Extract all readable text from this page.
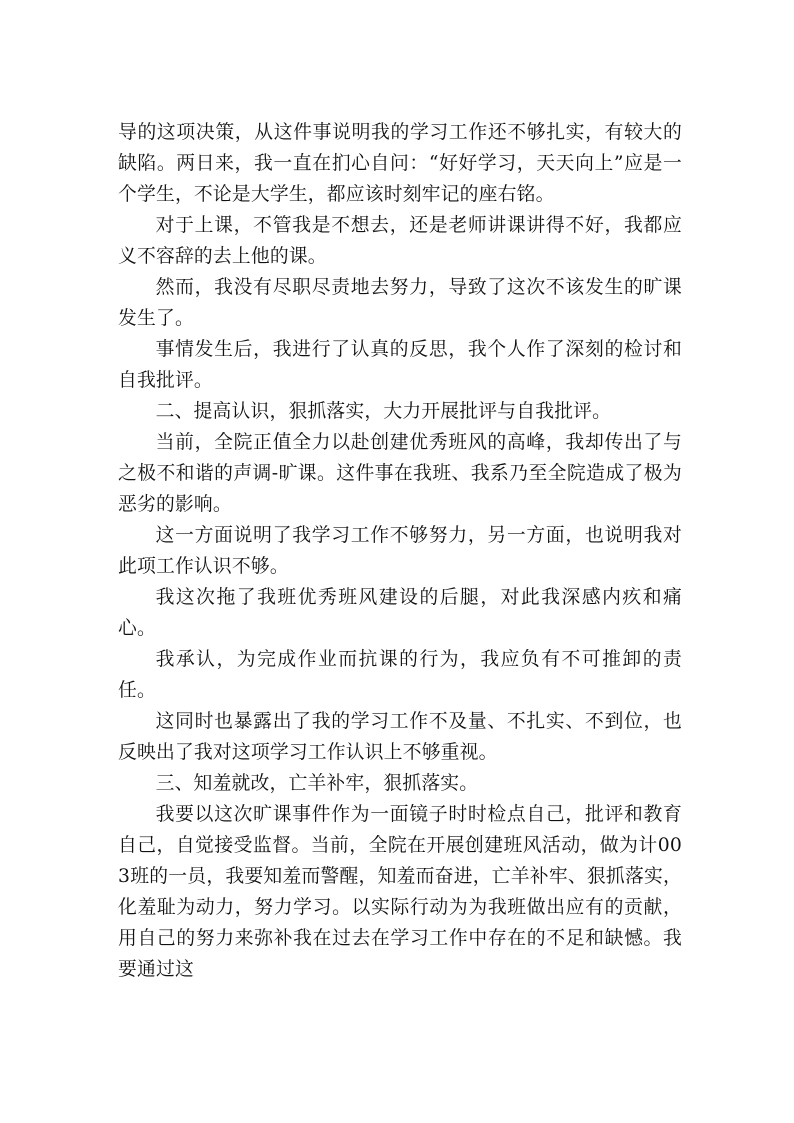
导的这项决策，从这件事说明我的学习工作还不够扎实，有较大的缺陷。两日来，我一直在扪心自问：“好好学习，天天向上”应是一个学生，不论是大学生，都应该时刻牢记的座右铭。

对于上课，不管我是不想去，还是老师讲课讲得不好，我都应义不容辞的去上他的课。

然而，我没有尽职尽责地去努力，导致了这次不该发生的旷课发生了。

事情发生后，我进行了认真的反思，我个人作了深刻的检讨和自我批评。

二、提高认识，狠抓落实，大力开展批评与自我批评。

当前，全院正值全力以赴创建优秀班风的高峰，我却传出了与之极不和谐的声调-旷课。这件事在我班、我系乃至全院造成了极为恶劣的影响。

这一方面说明了我学习工作不够努力，另一方面，也说明我对此项工作认识不够。

我这次拖了我班优秀班风建设的后腿，对此我深感内疚和痛心。

我承认，为完成作业而抗课的行为，我应负有不可推卸的责任。

这同时也暴露出了我的学习工作不及量、不扎实、不到位，也反映出了我对这项学习工作认识上不够重视。

三、知羞就改，亡羊补牢，狠抓落实。

我要以这次旷课事件作为一面镜子时时检点自己，批评和教育自己，自觉接受监督。当前，全院在开展创建班风活动，做为计003班的一员，我要知羞而警醒，知羞而奋进，亡羊补牢、狠抓落实，化羞耻为动力，努力学习。以实际行动为为我班做出应有的贡献，用自己的努力来弥补我在过去在学习工作中存在的不足和缺憾。我要通过这
